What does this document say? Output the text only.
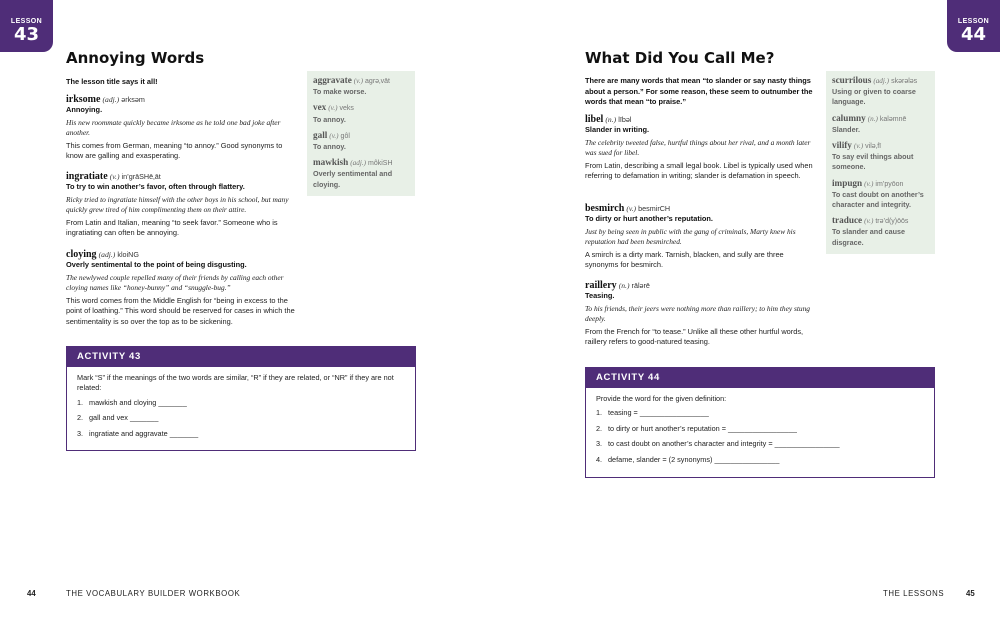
LESSON
43
Annoying Words
The lesson title says it all!
irksome (adj.) ərksəm
Annoying.
His new roommate quickly became irksome as he told one bad joke after another.
This comes from German, meaning “to annoy.” Good synonyms to know are galling and exasperating.
ingratiate (v.) in’grāSHē‚āt
To try to win another’s favor, often through flattery.
Ricky tried to ingratiate himself with the other boys in his school, but many quickly grew tired of him complimenting them on their attire.
From Latin and Italian, meaning “to seek favor.” Someone who is ingratiating can often be annoying.
cloying (adj.) kloiNG
Overly sentimental to the point of being disgusting.
The newlywed couple repelled many of their friends by calling each other cloying names like “honey-bunny” and “snuggle-bug.”
This word comes from the Middle English for “being in excess to the point of loathing.” This word should be reserved for cases in which the sentimentality is so over the top as to be sickening.
aggravate (v.) agrə‚vāt
To make worse.
vex (v.) veks
To annoy.
gall (v.) gôl
To annoy.
mawkish (adj.) môkiSH
Overly sentimental and cloying.
ACTIVITY 43
Mark “S” if the meanings of the two words are similar, “R” if they are related, or “NR” if they are not related:
1. mawkish and cloying _______
2. gall and vex _______
3. ingratiate and aggravate _______
44	THE VOCABULARY BUILDER WORKBOOK
LESSON
44
What Did You Call Me?
There are many words that mean “to slander or say nasty things about a person.” For some reason, these seem to outnumber the words that mean “to praise.”
libel (n.) lībəl
Slander in writing.
The celebrity tweeted false, hurtful things about her rival, and a month later was sued for libel.
From Latin, describing a small legal book. Libel is typically used when referring to defamation in writing; slander is defamation in speech.
besmirch (v.) besmirCH
To dirty or hurt another’s reputation.
Just by being seen in public with the gang of criminals, Marty knew his reputation had been besmirched.
A smirch is a dirty mark. Tarnish, blacken, and sully are three synonyms for besmirch.
raillery (n.) rālərē
Teasing.
To his friends, their jeers were nothing more than raillery; to him they stung deeply.
From the French for “to tease.” Unlike all these other hurtful words, raillery refers to good-natured teasing.
scurrilous (adj.) skərələs
Using or given to coarse language.
calumny (n.) kaləmnē
Slander.
vilify (v.) vilə‚fī
To say evil things about someone.
impugn (v.) im’pyōon
To cast doubt on another’s character and integrity.
traduce (v.) trə’d(y)ōōs
To slander and cause disgrace.
ACTIVITY 44
Provide the word for the given definition:
1. teasing = _________________
2. to dirty or hurt another’s reputation = _________________
3. to cast doubt on another’s character and integrity = ________________
4. defame, slander = (2 synonyms) ________________
THE LESSONS	45
